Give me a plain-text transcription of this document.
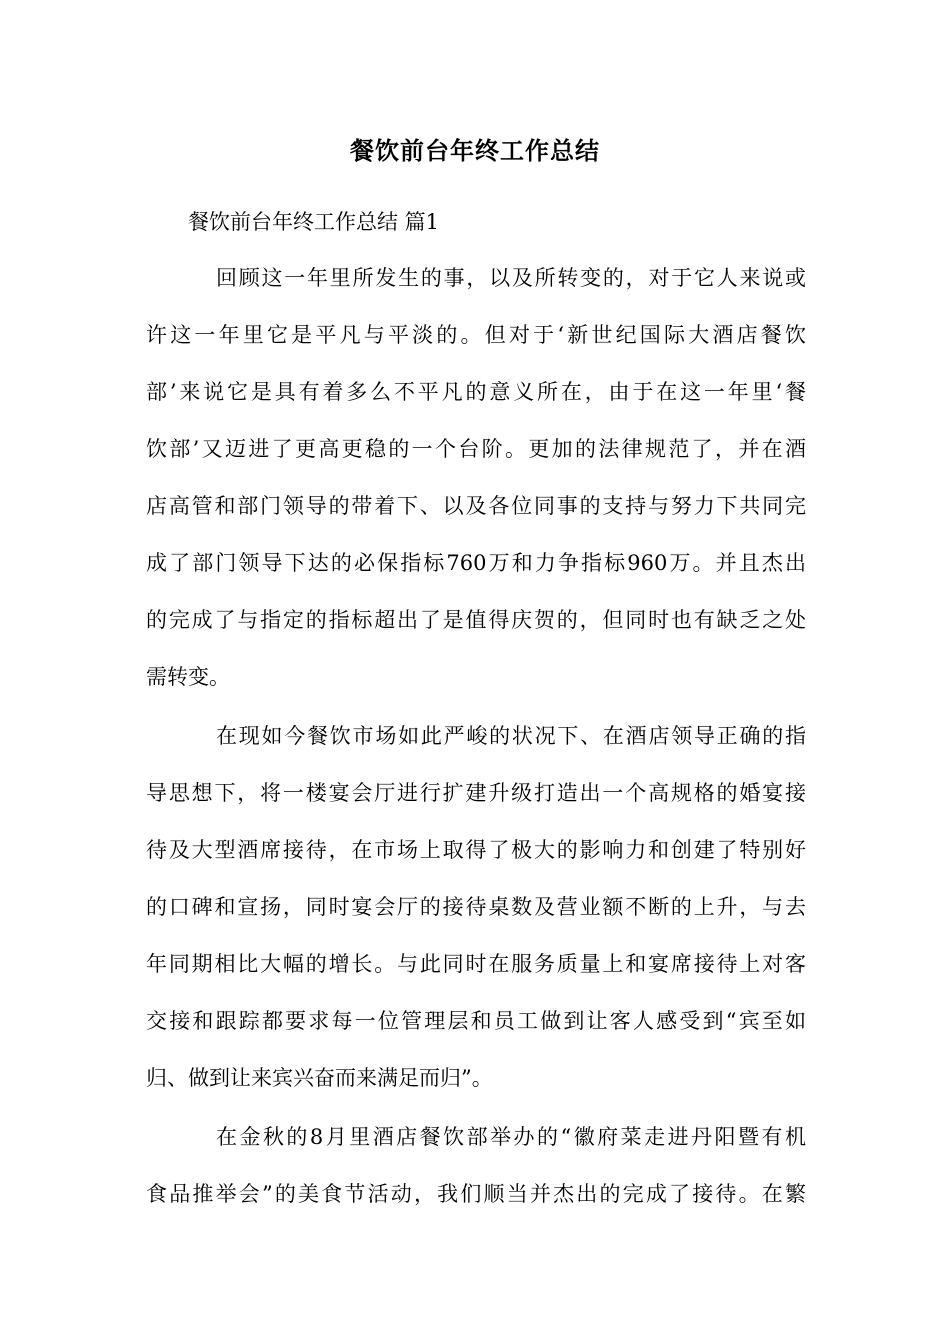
餐饮前台年终工作总结
餐饮前台年终工作总结 篇1
回顾这一年里所发生的事，以及所转变的，对于它人来说或
许这一年里它是平凡与平淡的。但对于‘新世纪国际大酒店餐饮
部’来说它是具有着多么不平凡的意义所在，由于在这一年里‘餐
饮部’又迈进了更高更稳的一个台阶。更加的法律规范了，并在酒
店高管和部门领导的带着下、以及各位同事的支持与努力下共同完
成了部门领导下达的必保指标760万和力争指标960万。并且杰出
的完成了与指定的指标超出了是值得庆贺的，但同时也有缺乏之处
需转变。
在现如今餐饮市场如此严峻的状况下、在酒店领导正确的指
导思想下，将一楼宴会厅进行扩建升级打造出一个高规格的婚宴接
待及大型酒席接待，在市场上取得了极大的影响力和创建了特别好
的口碑和宣扬，同时宴会厅的接待桌数及营业额不断的上升，与去
年同期相比大幅的增长。与此同时在服务质量上和宴席接待上对客
交接和跟踪都要求每一位管理层和员工做到让客人感受到“宾至如
归、做到让来宾兴奋而来满足而归”。
在金秋的8月里酒店餐饮部举办的“徽府菜走进丹阳暨有机
食品推举会”的美食节活动，我们顺当并杰出的完成了接待。在繁
